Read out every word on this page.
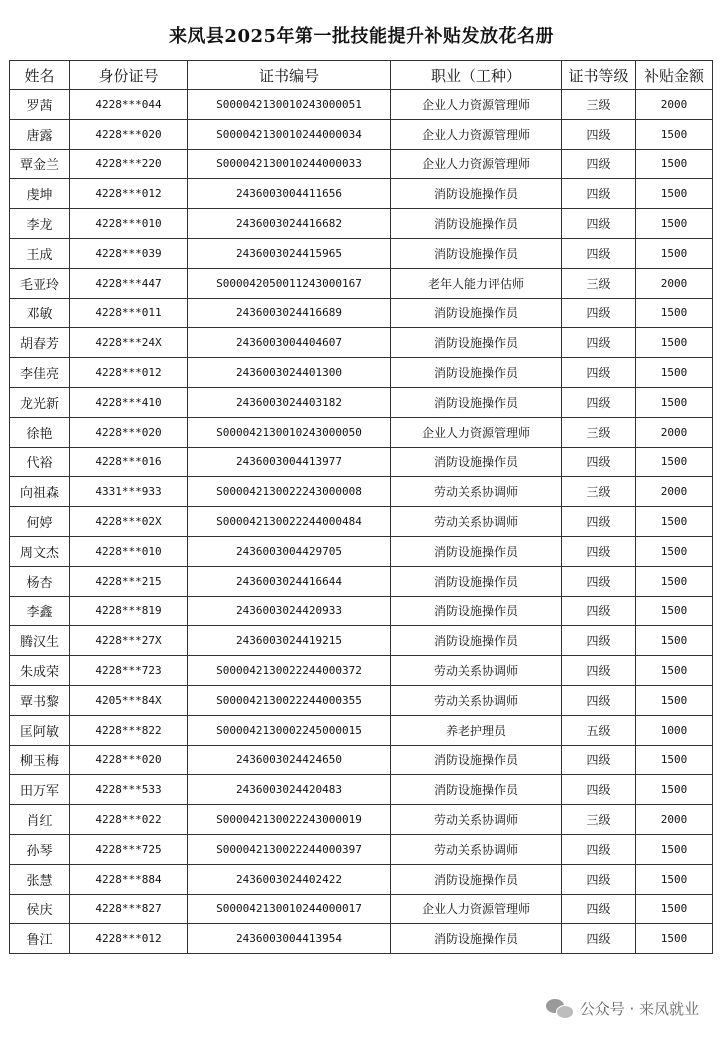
来凤县2025年第一批技能提升补贴发放花名册
姓名	身份证号	证书编号	职业（工种）	证书等级	补贴金额
罗茜	4228***044	S000042130010243000051	企业人力资源管理师	三级	2000
唐露	4228***020	S000042130010244000034	企业人力资源管理师	四级	1500
覃金兰	4228***220	S000042130010244000033	企业人力资源管理师	四级	1500
虔坤	4228***012	2436003004411656	消防设施操作员	四级	1500
李龙	4228***010	2436003024416682	消防设施操作员	四级	1500
王成	4228***039	2436003024415965	消防设施操作员	四级	1500
毛亚玲	4228***447	S000042050011243000167	老年人能力评估师	三级	2000
邓敏	4228***011	2436003024416689	消防设施操作员	四级	1500
胡春芳	4228***24X	2436003004404607	消防设施操作员	四级	1500
李佳亮	4228***012	2436003024401300	消防设施操作员	四级	1500
龙光新	4228***410	2436003024403182	消防设施操作员	四级	1500
徐艳	4228***020	S000042130010243000050	企业人力资源管理师	三级	2000
代裕	4228***016	2436003004413977	消防设施操作员	四级	1500
向祖森	4331***933	S000042130022243000008	劳动关系协调师	三级	2000
何婷	4228***02X	S000042130022244000484	劳动关系协调师	四级	1500
周文杰	4228***010	2436003004429705	消防设施操作员	四级	1500
杨杏	4228***215	2436003024416644	消防设施操作员	四级	1500
李鑫	4228***819	2436003024420933	消防设施操作员	四级	1500
腾汉生	4228***27X	2436003024419215	消防设施操作员	四级	1500
朱成荣	4228***723	S000042130022244000372	劳动关系协调师	四级	1500
覃书黎	4205***84X	S000042130022244000355	劳动关系协调师	四级	1500
匡阿敏	4228***822	S000042130002245000015	养老护理员	五级	1000
柳玉梅	4228***020	2436003024424650	消防设施操作员	四级	1500
田万军	4228***533	2436003024420483	消防设施操作员	四级	1500
肖红	4228***022	S000042130022243000019	劳动关系协调师	三级	2000
孙琴	4228***725	S000042130022244000397	劳动关系协调师	四级	1500
张慧	4228***884	2436003024402422	消防设施操作员	四级	1500
侯庆	4228***827	S000042130010244000017	企业人力资源管理师	四级	1500
鲁江	4228***012	2436003004413954	消防设施操作员	四级	1500
公众号 · 来凤就业
